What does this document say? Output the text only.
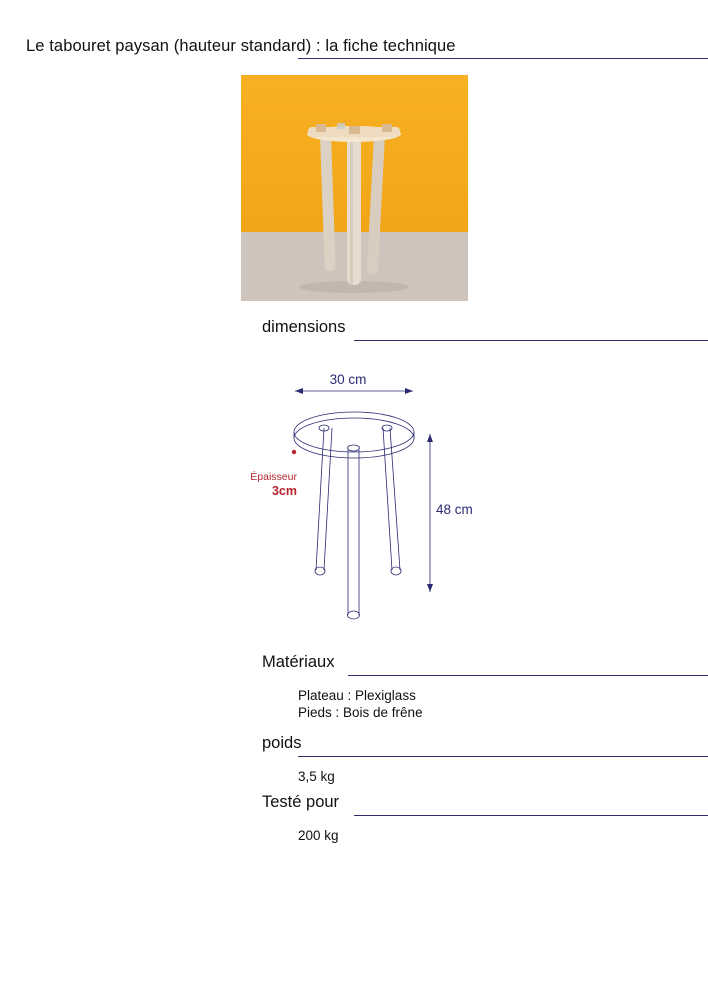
Le tabouret paysan (hauteur standard) : la fiche technique
dimensions
30 cm
48 cm
Épaisseur
3cm
Matériaux
Plateau : Plexiglass
Pieds : Bois de frêne
poids
3,5 kg
Testé pour
200 kg
